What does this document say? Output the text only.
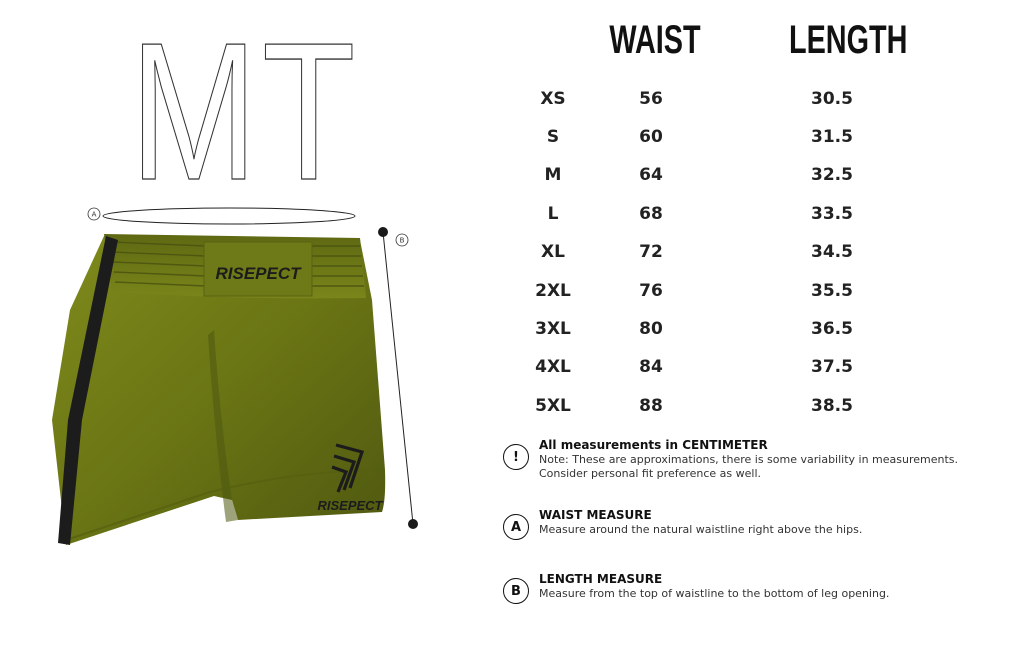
MT	WAIST LENGTH
XS	56	30.5
S	60	31.5
M	64	32.5
L	68	33.5
XL	72	34.5
2XL	76	35.5
3XL	80	36.5
4XL	84	37.5
5XL	88	38.5
!
All measurements in CENTIMETER
Note: These are approximations, there is some variability in measurements.
Consider personal fit preference as well.
A
WAIST MEASURE
Measure around the natural waistline right above the hips.
B
LENGTH MEASURE
Measure from the top of waistline to the bottom of leg opening.
A
B
RISEPECT
RISEPECT
